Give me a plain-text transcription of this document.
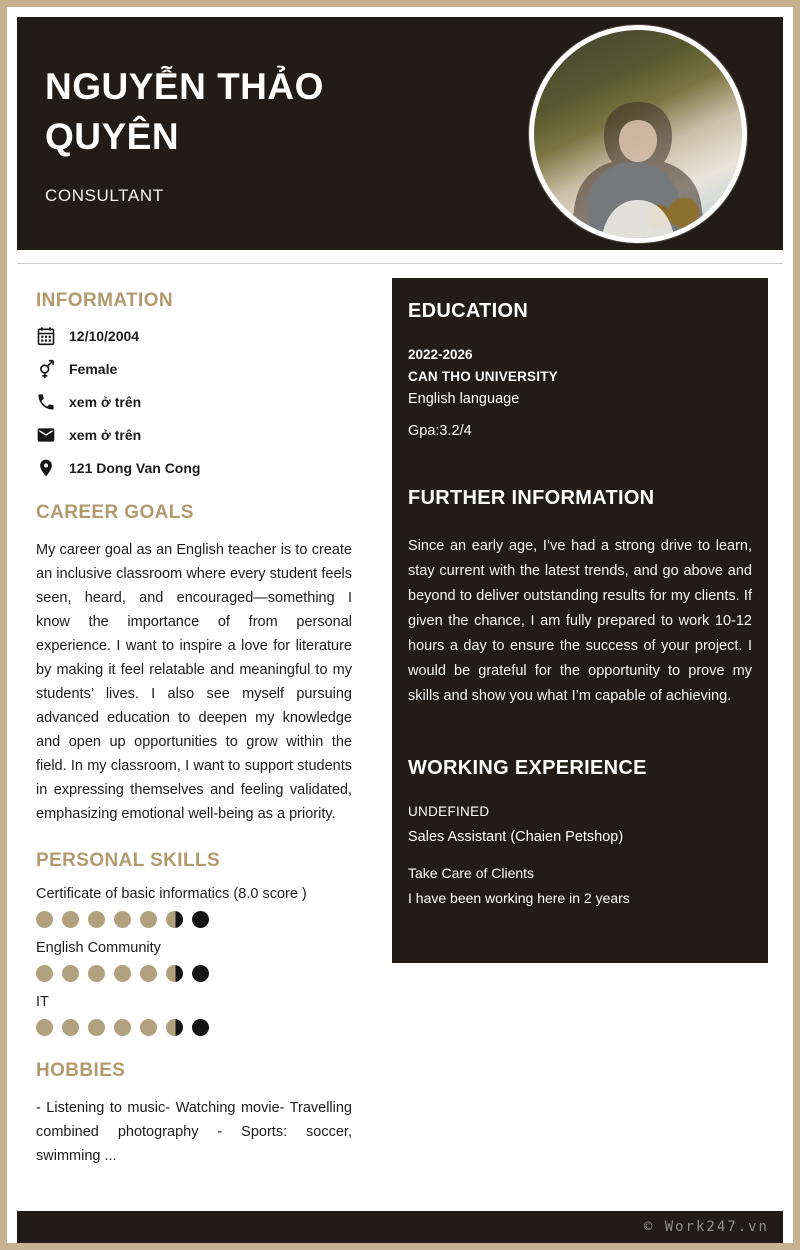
NGUYỄN THẢO QUYÊN
CONSULTANT
INFORMATION
12/10/2004
Female
xem ở trên
xem ở trên
121 Dong Van Cong
CAREER GOALS

My career goal as an English teacher is to create an inclusive classroom where every student feels seen, heard, and encouraged—something I know the importance of from personal experience. I want to inspire a love for literature by making it feel relatable and meaningful to my students’ lives. I also see myself pursuing advanced education to deepen my knowledge and open up opportunities to grow within the field. In my classroom, I want to support students in expressing themselves and feeling validated, emphasizing emotional well-being as a priority.

PERSONAL SKILLS
Certificate of basic informatics (8.0 score )
English Community
IT
HOBBIES

- Listening to music- Watching movie- Travelling combined photography - Sports: soccer, swimming ...

EDUCATION
2022-2026
CAN THO UNIVERSITY
English language
Gpa:3.2/4
FURTHER INFORMATION

Since an early age, I’ve had a strong drive to learn, stay current with the latest trends, and go above and beyond to deliver outstanding results for my clients. If given the chance, I am fully prepared to work 10-12 hours a day to ensure the success of your project. I would be grateful for the opportunity to prove my skills and show you what I’m capable of achieving.

WORKING EXPERIENCE
UNDEFINED
Sales Assistant (Chaien Petshop)
Take Care of Clients
I have been working here in 2 years
© Work247.vn
